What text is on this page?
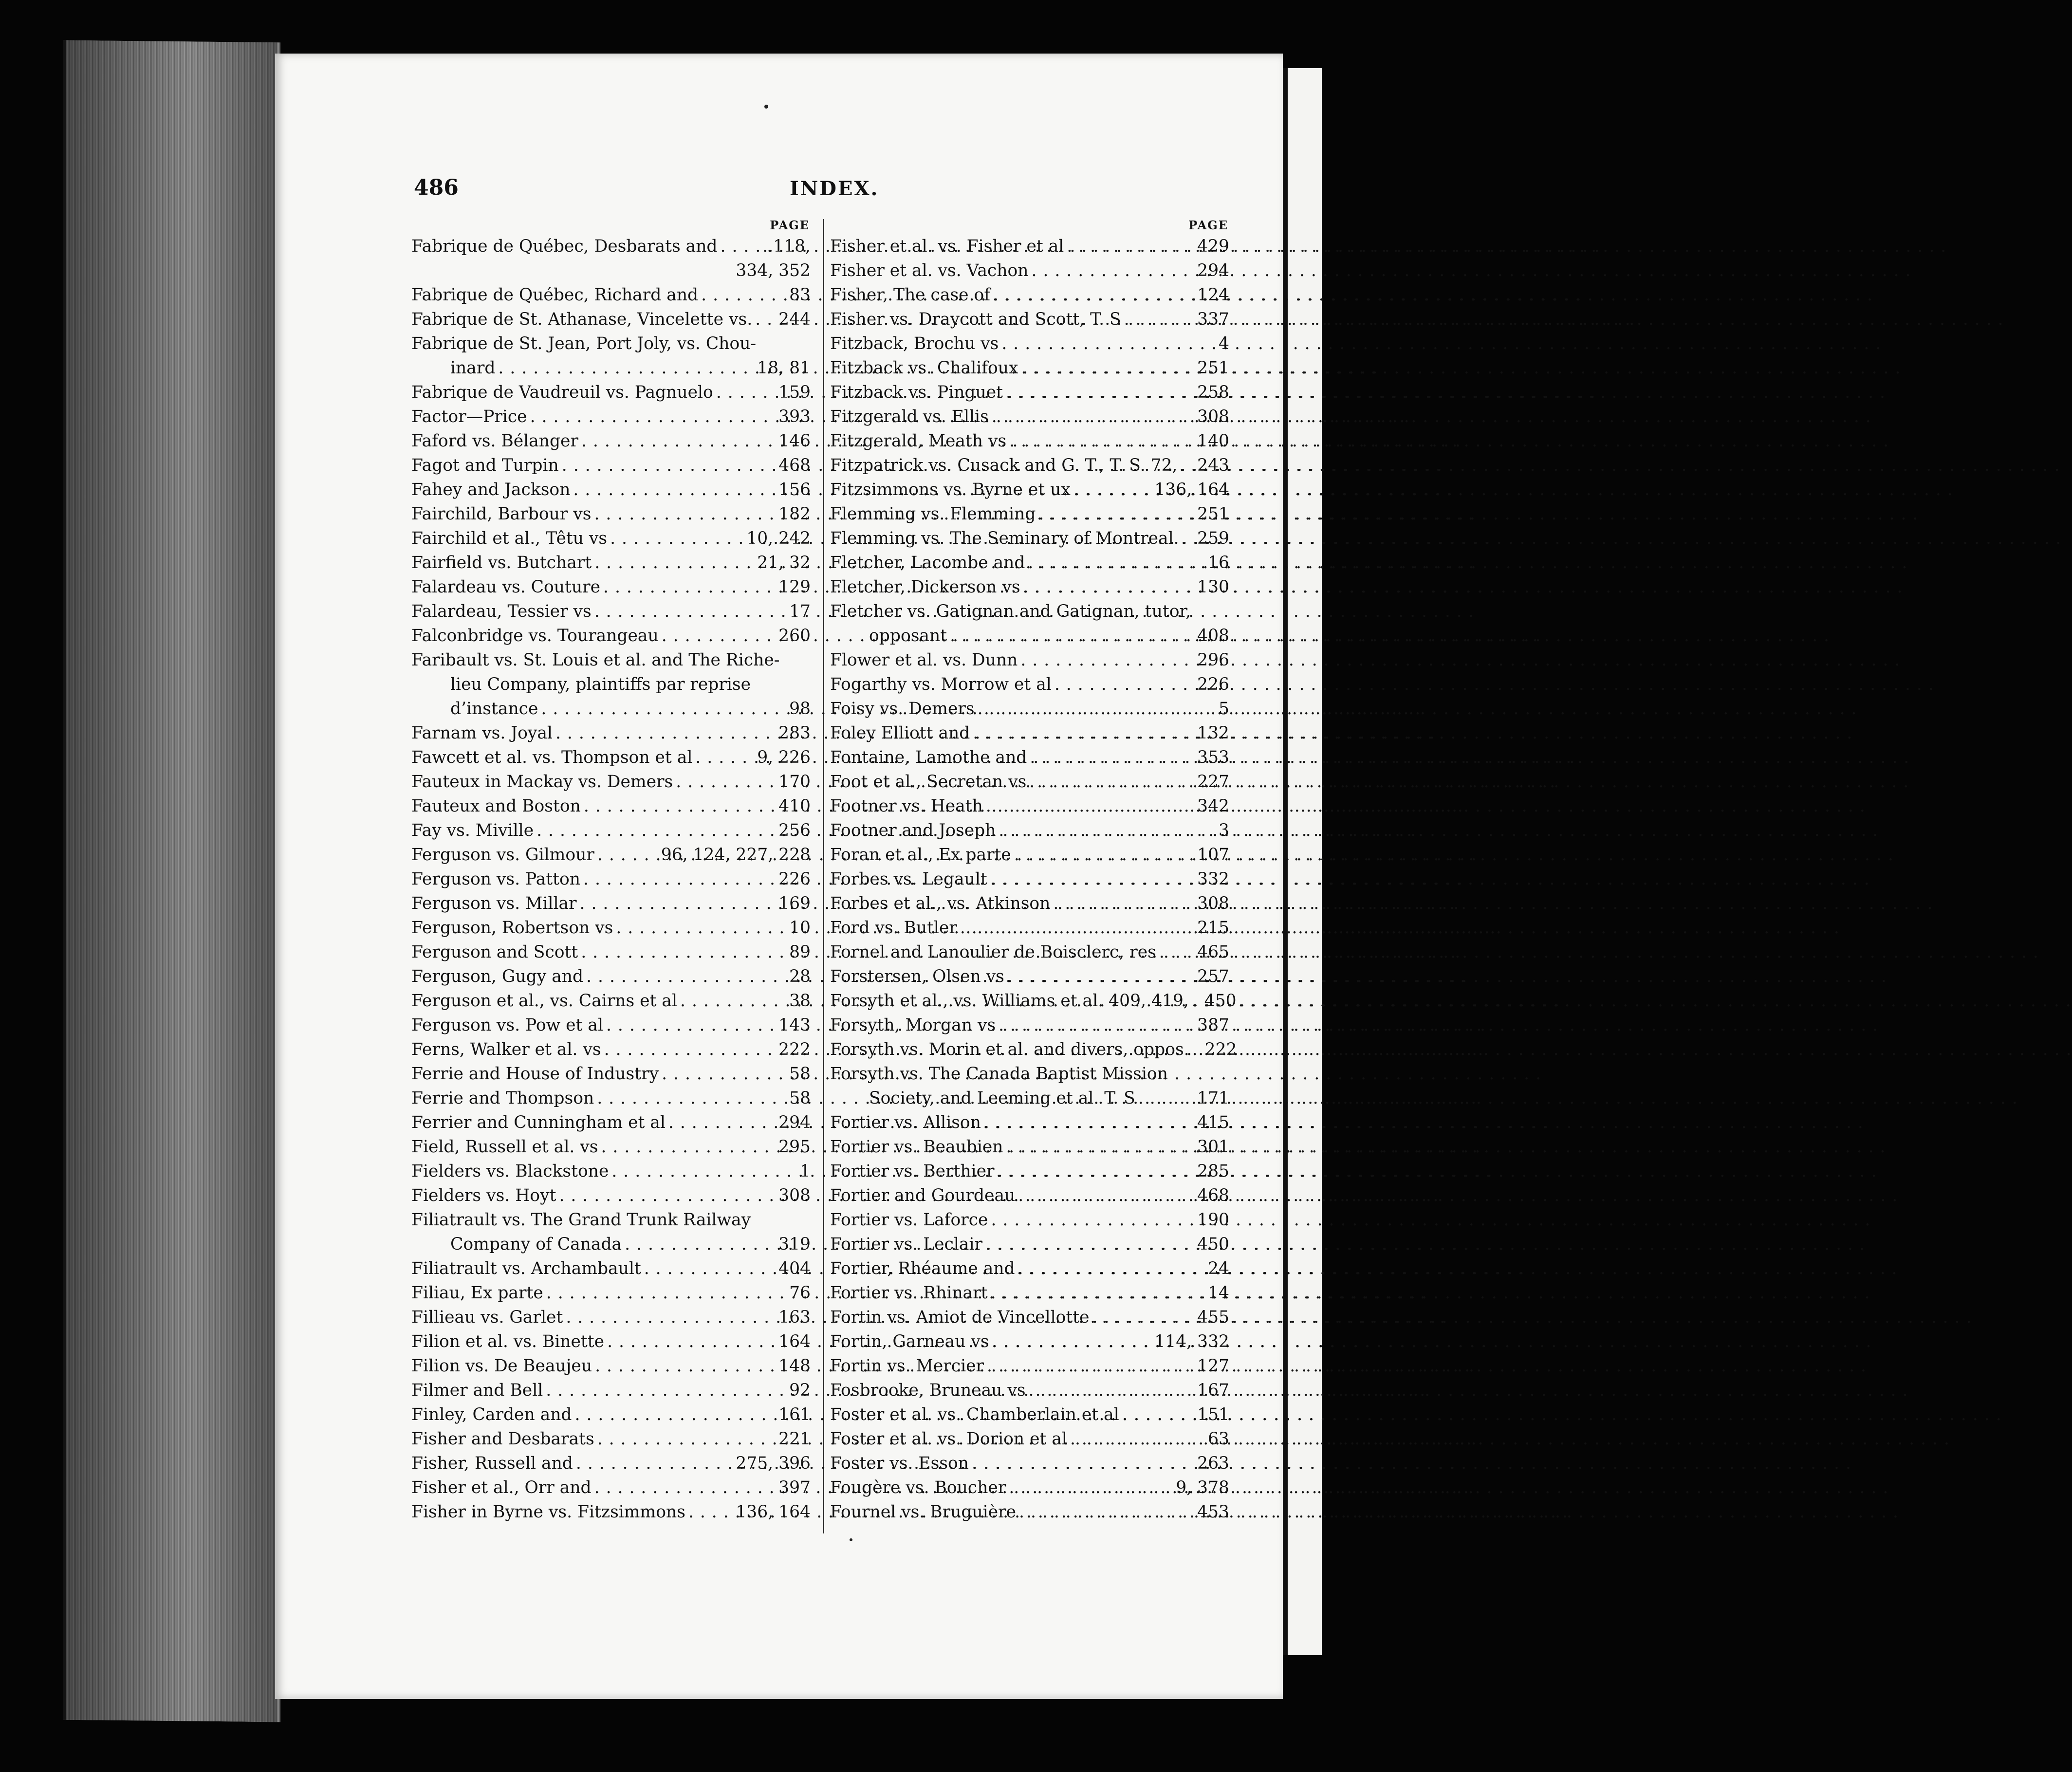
486	INDEX.
PAGE
Fabrique de Québec, Desbarats and . . .	..118,
334, 352
Fabrique de Québec, Richard and . . .	83
Fabrique de St. Athanase, Vincelette vs. . . . 244
Fabrique de St. Jean, Port Joly, vs. Chou-
inard . . .	18, 81
Fabrique de Vaudreuil vs. Pagnuelo . . .	159
Factor—Price . . .	393
Faford vs. Bélanger . . .	146
Fagot and Turpin . . .	468
Fahey and Jackson . . .	156
Fairchild, Barbour vs . . .	182
Fairchild et al., Têtu vs . . .	10, 242
Fairfield vs. Butchart . . .	21, 32
Falardeau vs. Couture . . .	129
Falardeau, Tessier vs . . .	17
Falconbridge vs. Tourangeau . . .	260
Faribault vs. St. Louis et al. and The Riche-
lieu Company, plaintiffs par reprise
d’instance . . .	98
Farnam vs. Joyal . . .	283
Fawcett et al. vs. Thompson et al . . .	9, 226
Fauteux in Mackay vs. Demers . . .	170
Fauteux and Boston . . .	410
Fay vs. Miville . . .	256
Ferguson vs. Gilmour . . .	96, 124, 227, 228
Ferguson vs. Patton . . .	226
Ferguson vs. Millar . . .	169
Ferguson, Robertson vs . . .	10
Ferguson and Scott . . .	89
Ferguson, Gugy and . . .	28
Ferguson et al., vs. Cairns et al . . .	38
Ferguson vs. Pow et al . . .	143
Ferns, Walker et al. vs . . .	222
Ferrie and House of Industry . . .	58
Ferrie and Thompson . . .	58
Ferrier and Cunningham et al . . .	294
Field, Russell et al. vs . . .	295
Fielders vs. Blackstone . . .	1
Fielders vs. Hoyt . . .	308
Filiatrault vs. The Grand Trunk Railway
Company of Canada . . .	319
Filiatrault vs. Archambault . . .	404
Filiau, Ex parte . . .	76
Fillieau vs. Garlet . . .	163
Filion et al. vs. Binette . . .	164
Filion vs. De Beaujeu . . .	148
Filmer and Bell . . .	92
Finley, Carden and . . .	161
Fisher and Desbarats . . .	221
Fisher, Russell and . . .	275, 396
Fisher et al., Orr and . . .	397
Fisher in Byrne vs. Fitzsimmons . . .	136, 164
PAGE
Fisher et al. vs. Fisher et al . . .	429
Fisher et al. vs. Vachon . . .	294
Fisher, The case of . . .	124
Fisher vs. Draycott and Scott, T. S . . .	337
Fitzback, Brochu vs . . .	4
Fitzback vs. Chalifoux . . .	251
Fitzback vs. Pinguet . . .	258
Fitzgerald vs. Ellis . . .	308
Fitzgerald, Meath vs . . .	140
Fitzpatrick vs. Cusack and G. T., T. S. 72, . . . 243
Fitzsimmons vs. Byrne et ux . . .	136, 164
Flemming vs. Flemming . . .	251
Flemming vs. The Seminary of Montreal. . . . 259
Fletcher, Lacombe and . . .	16
Fletcher, Dickerson vs . . .	130
Fletcher vs. Gatignan and Gatignan, tutor,
opposant . . .	408
Flower et al. vs. Dunn . . .	296
Fogarthy vs. Morrow et al . . .	226
Foisy vs. Demers . . .	5
Foley Elliott and . . .	132
Fontaine, Lamothe and . . .	353
Foot et al., Secretan vs . . .	227
Footner vs. Heath . . .	342
Footner and Joseph . . .	3
Foran et al., Ex parte . . .	107
Forbes vs. Legault . . .	332
Forbes et al., vs. Atkinson . . .	308
Ford vs. Butler . . .	215
Fornel and Lanoulier de Boisclerc, res . . . 465
Forstersen, Olsen vs . . .	257
Forsyth et al., vs. Williams et al. 409, 419, . . . 450
Forsyth, Morgan vs . . .	387
Forsyth vs. Morin et al. and divers, oppos. . . . 222
Forsyth vs. The Canada Baptist Mission
Society, and Leeming et al. T. S . . .	171
Fortier vs. Allison . . .	415
Fortier vs. Beaubien . . .	301
Fortier vs. Berthier . . .	285
Fortier and Gourdeau . . .	468
Fortier vs. Laforce . . .	190
Fortier vs. Leclair . . .	450
Fortier, Rhéaume and . . .	24
Fortier vs. Rhinart . . .	14
Fortin vs. Amiot de Vincellotte . . .	455
Fortin, Garneau vs . . .	114, 332
Fortin vs. Mercier . . .	127
Fosbrooke, Bruneau vs . . .	167
Foster et al. vs. Chamberlain et al . . .	151
Foster et al. vs. Dorion et al . . .	63
Foster vs. Esson . . .	263
Fougère vs. Boucher . . .	9, 378
Fournel vs. Bruguière . . .	453
